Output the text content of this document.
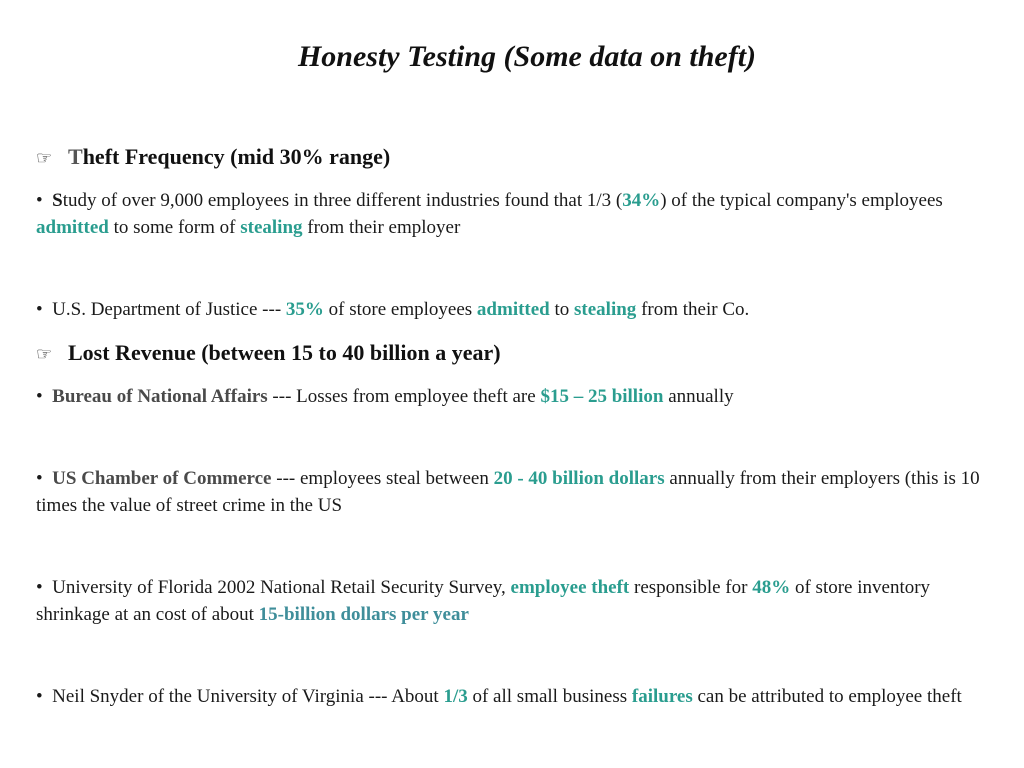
Honesty Testing (Some data on theft)
☞ Theft Frequency (mid 30% range)
•  Study of over 9,000 employees in three different industries found that 1/3 (34%) of the typical company's employees admitted to some form of stealing from their employer
•  U.S. Department of Justice --- 35% of store employees admitted to stealing from their Co.
☞ Lost Revenue (between 15 to 40 billion a year)
•  Bureau of National Affairs --- Losses from employee theft are $15 – 25 billion annually
•  US Chamber of Commerce --- employees steal between 20 - 40 billion dollars annually from their employers (this is 10 times the value of street crime in the US
•  University of Florida 2002 National Retail Security Survey, employee theft responsible for 48% of store inventory shrinkage at an cost of about 15-billion dollars per year
•  Neil Snyder of the University of Virginia --- About 1/3 of all small business failures can be attributed to employee theft
